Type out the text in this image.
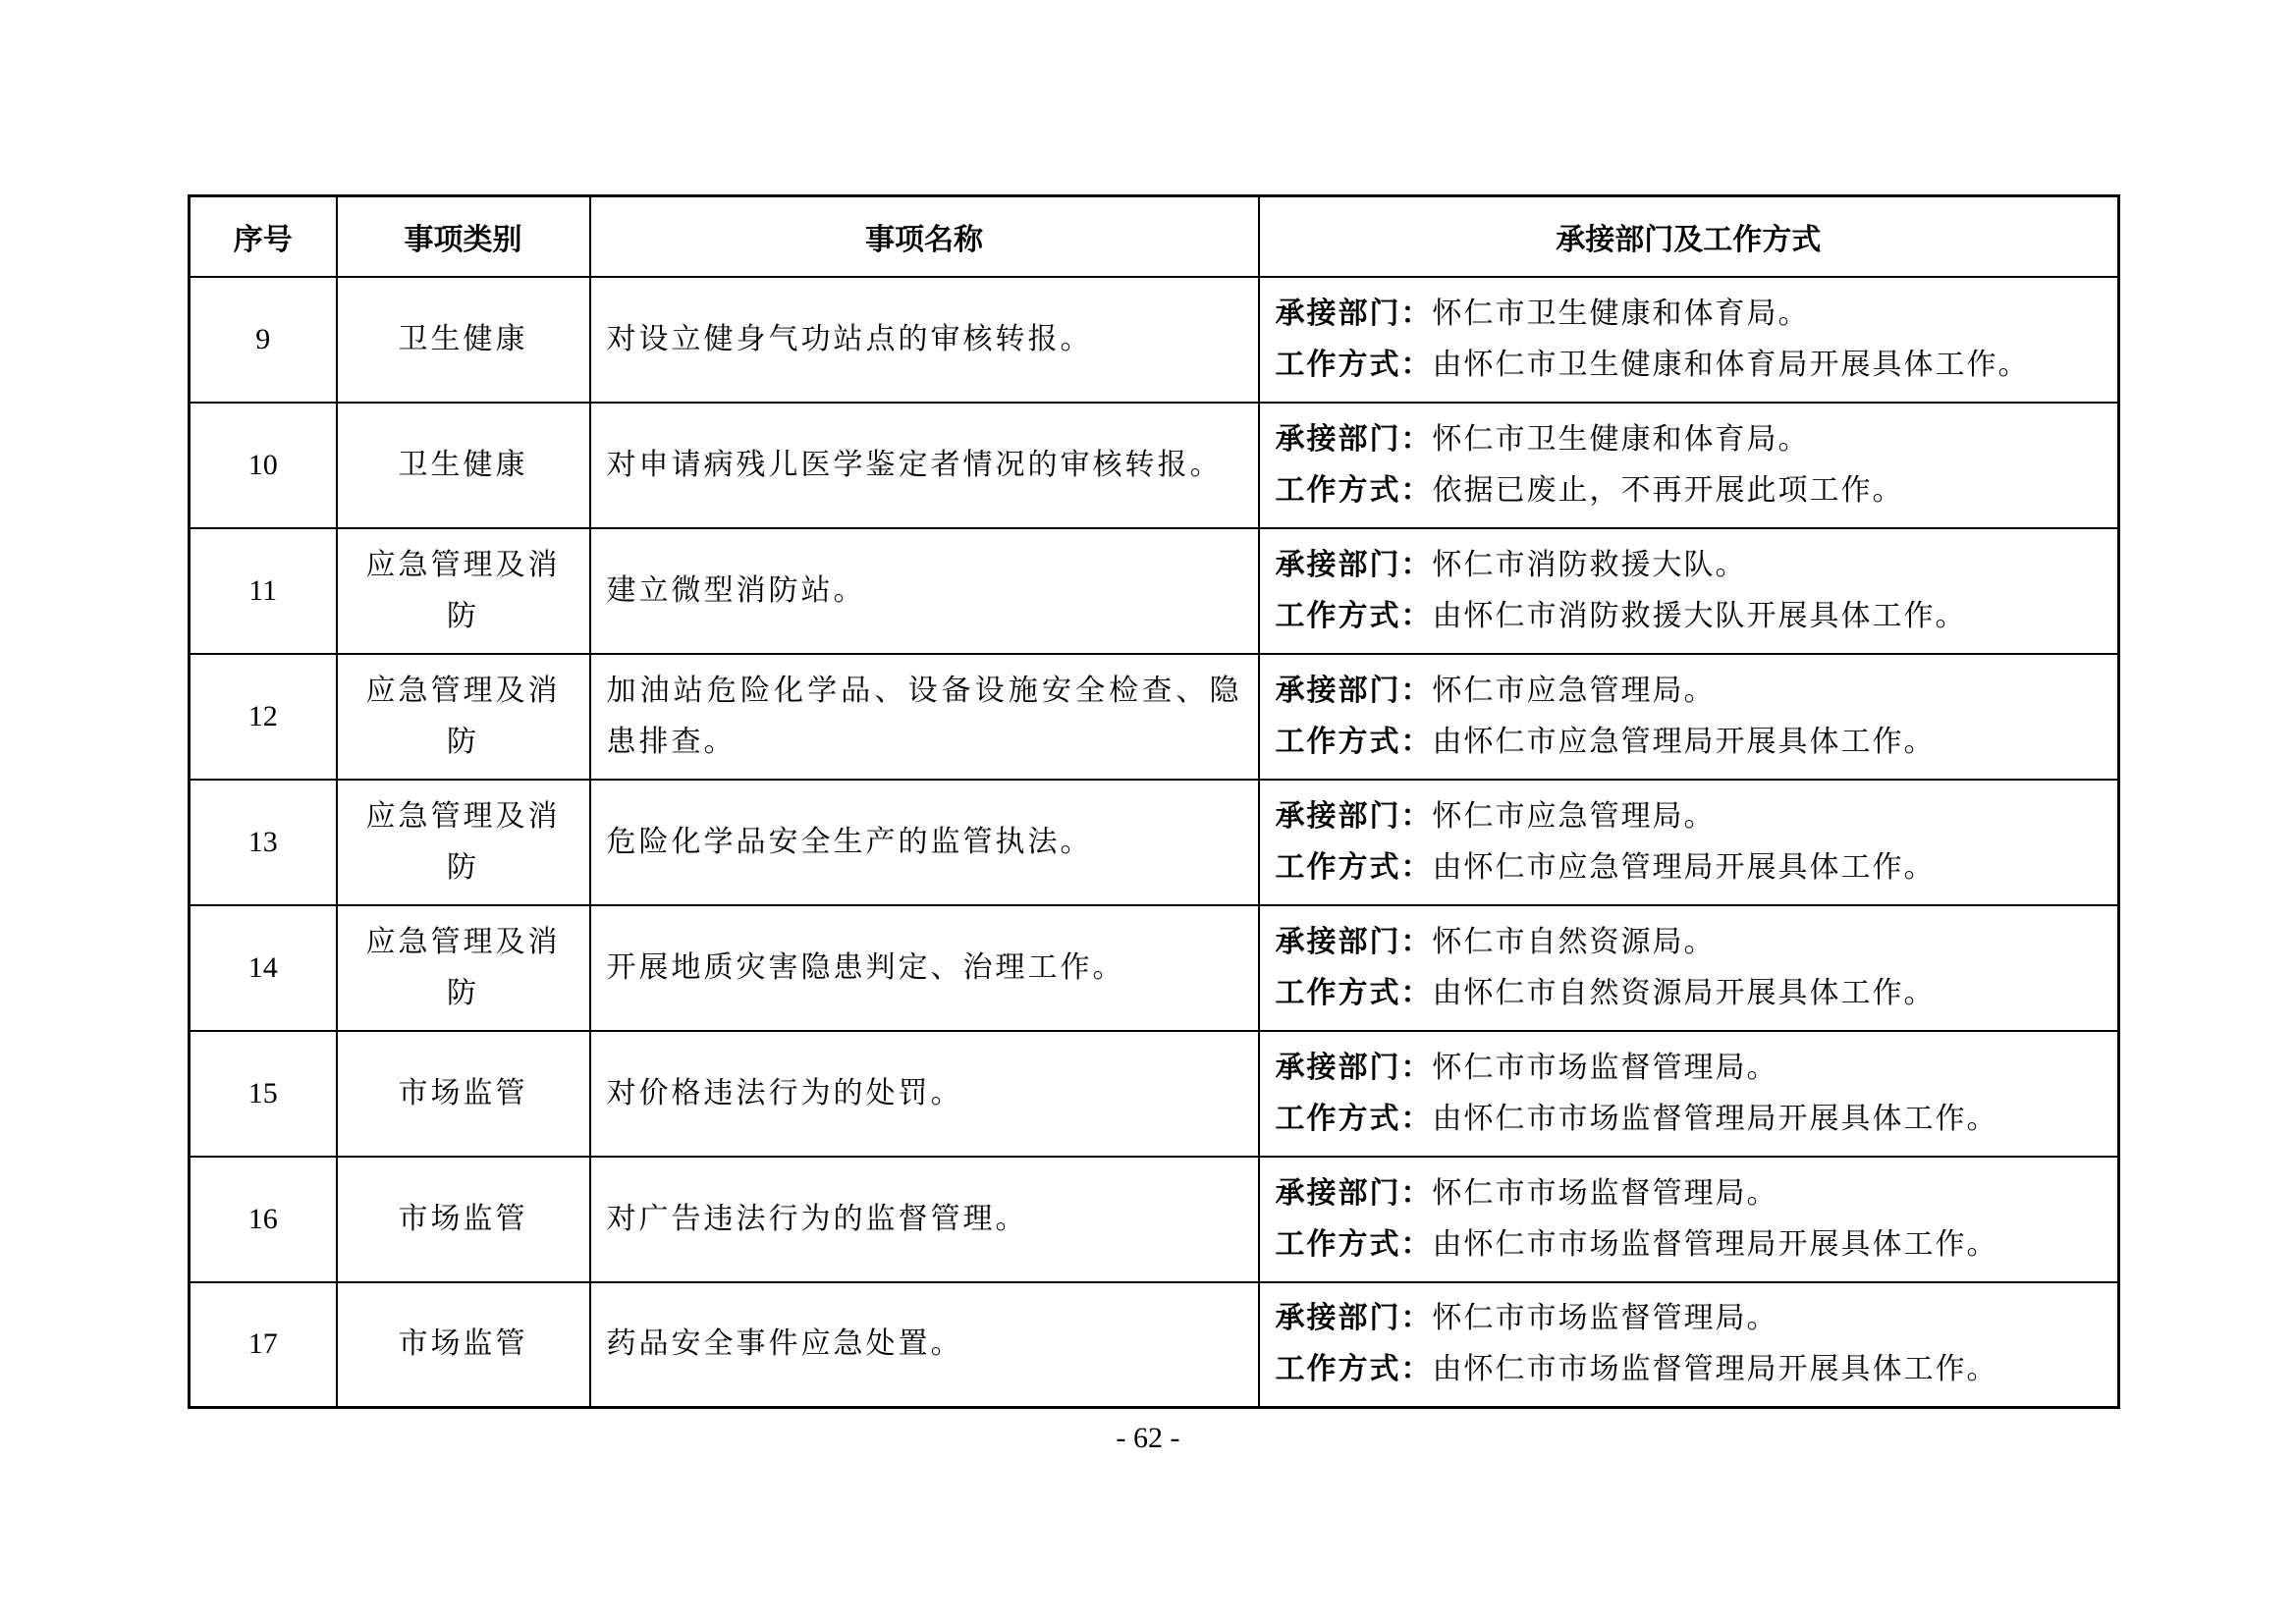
序号	事项类别	事项名称	承接部门及工作方式
9	卫生健康	对设立健身气功站点的审核转报。	承接部门：怀仁市卫生健康和体育局。
工作方式：由怀仁市卫生健康和体育局开展具体工作。

10	卫生健康	对申请病残儿医学鉴定者情况的审核转报。	承接部门：怀仁市卫生健康和体育局。
工作方式：依据已废止，不再开展此项工作。

11	应急管理及消防	建立微型消防站。	承接部门：怀仁市消防救援大队。
工作方式：由怀仁市消防救援大队开展具体工作。

12	应急管理及消防	加油站危险化学品、设备设施安全检查、隐患排查。	承接部门：怀仁市应急管理局。
工作方式：由怀仁市应急管理局开展具体工作。

13	应急管理及消防	危险化学品安全生产的监管执法。	承接部门：怀仁市应急管理局。
工作方式：由怀仁市应急管理局开展具体工作。

14	应急管理及消防	开展地质灾害隐患判定、治理工作。	承接部门：怀仁市自然资源局。
工作方式：由怀仁市自然资源局开展具体工作。

15	市场监管	对价格违法行为的处罚。	承接部门：怀仁市市场监督管理局。
工作方式：由怀仁市市场监督管理局开展具体工作。

16	市场监管	对广告违法行为的监督管理。	承接部门：怀仁市市场监督管理局。
工作方式：由怀仁市市场监督管理局开展具体工作。

17	市场监管	药品安全事件应急处置。	承接部门：怀仁市市场监督管理局。
工作方式：由怀仁市市场监督管理局开展具体工作。
- 62 -
